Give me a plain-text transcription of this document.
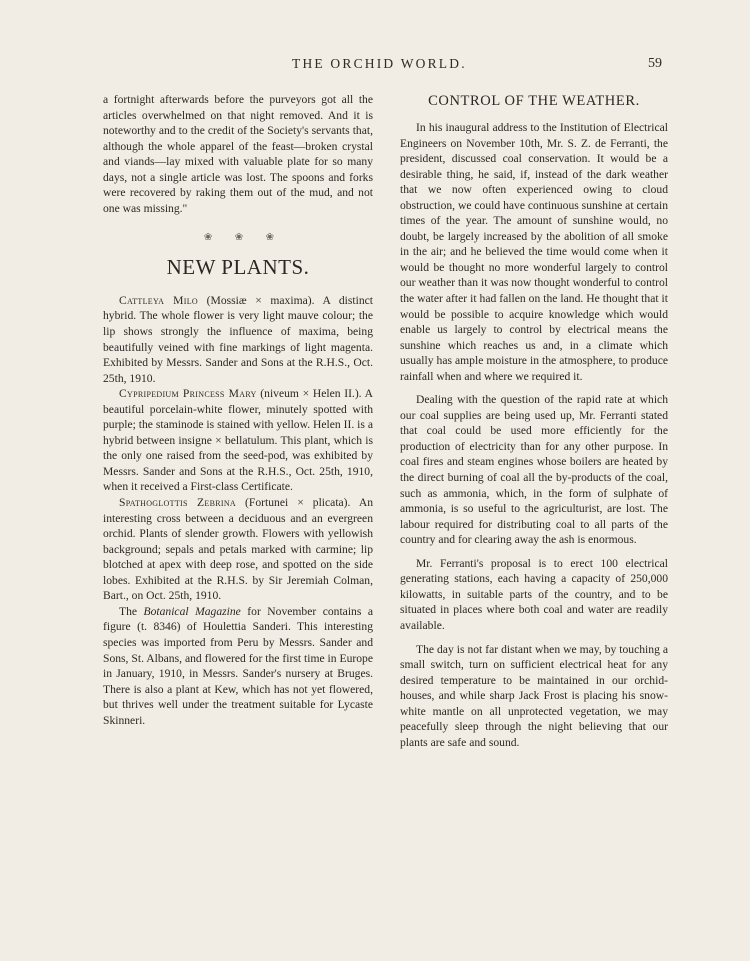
THE ORCHID WORLD.	59

a fortnight afterwards before the purveyors got all the articles overwhelmed on that night removed. And it is noteworthy and to the credit of the Society's servants that, although the whole apparel of the feast—broken crystal and viands—lay mixed with valuable plate for so many days, not a single article was lost. The spoons and forks were recovered by raking them out of the mud, and not one was missing."

❀ ❀ ❀
NEW PLANTS.

Cattleya Milo (Mossiæ × maxima). A distinct hybrid. The whole flower is very light mauve colour; the lip shows strongly the influence of maxima, being beautifully veined with fine markings of light magenta. Exhibited by Messrs. Sander and Sons at the R.H.S., Oct. 25th, 1910.

Cypripedium Princess Mary (niveum × Helen II.). A beautiful porcelain-white flower, minutely spotted with purple; the staminode is stained with yellow. Helen II. is a hybrid between insigne × bellatulum. This plant, which is the only one raised from the seed-pod, was exhibited by Messrs. Sander and Sons at the R.H.S., Oct. 25th, 1910, when it received a First-class Certificate.

Spathoglottis Zebrina (Fortunei × plicata). An interesting cross between a deciduous and an evergreen orchid. Plants of slender growth. Flowers with yellowish background; sepals and petals marked with carmine; lip blotched at apex with deep rose, and spotted on the side lobes. Exhibited at the R.H.S. by Sir Jeremiah Colman, Bart., on Oct. 25th, 1910.

The Botanical Magazine for November contains a figure (t. 8346) of Houlettia Sanderi. This interesting species was imported from Peru by Messrs. Sander and Sons, St. Albans, and flowered for the first time in Europe in January, 1910, in Messrs. Sander's nursery at Bruges. There is also a plant at Kew, which has not yet flowered, but thrives well under the treatment suitable for Lycaste Skinneri.

CONTROL OF THE WEATHER.

In his inaugural address to the Institution of Electrical Engineers on November 10th, Mr. S. Z. de Ferranti, the president, discussed coal conservation. It would be a desirable thing, he said, if, instead of the dark weather that we now often experienced owing to cloud obstruction, we could have continuous sunshine at certain times of the year. The amount of sunshine would, no doubt, be largely increased by the abolition of all smoke in the air; and he believed the time would come when it would be thought no more wonderful largely to control our weather than it was now thought wonderful to control the water after it had fallen on the land. He thought that it would be possible to acquire knowledge which would enable us largely to control by electrical means the sunshine which reaches us and, in a climate which usually has ample moisture in the atmosphere, to produce rainfall when and where we required it.

Dealing with the question of the rapid rate at which our coal supplies are being used up, Mr. Ferranti stated that coal could be used more efficiently for the production of electricity than for any other purpose. In coal fires and steam engines whose boilers are heated by the direct burning of coal all the by-products of the coal, such as ammonia, which, in the form of sulphate of ammonia, is so useful to the agriculturist, are lost. The labour required for distributing coal to all parts of the country and for clearing away the ash is enormous.

Mr. Ferranti's proposal is to erect 100 electrical generating stations, each having a capacity of 250,000 kilowatts, in suitable parts of the country, and to be situated in places where both coal and water are readily available.

The day is not far distant when we may, by touching a small switch, turn on sufficient electrical heat for any desired temperature to be maintained in our orchid-houses, and while sharp Jack Frost is placing his snow-white mantle on all unprotected vegetation, we may peacefully sleep through the night believing that our plants are safe and sound.
